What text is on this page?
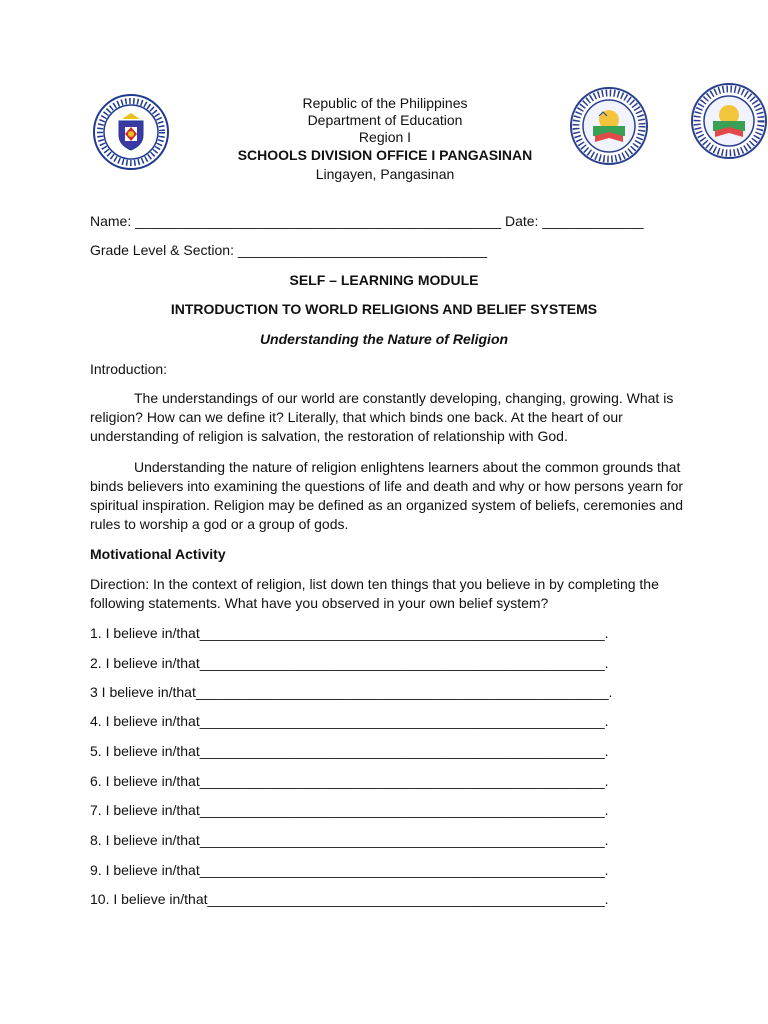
Republic of the Philippines
Department of Education
Region I
SCHOOLS DIVISION OFFICE I PANGASINAN
Lingayen, Pangasinan
Name: _______________________________________________ Date: _____________
Grade Level & Section: ________________________________
SELF – LEARNING MODULE
INTRODUCTION TO WORLD RELIGIONS AND BELIEF SYSTEMS
Understanding the Nature of Religion
Introduction:

The understandings of our world are constantly developing, changing, growing. What is religion? How can we define it? Literally, that which binds one back. At the heart of our understanding of religion is salvation, the restoration of relationship with God.

Understanding the nature of religion enlightens learners about the common grounds that binds believers into examining the questions of life and death and why or how persons yearn for spiritual inspiration. Religion may be defined as an organized system of beliefs, ceremonies and rules to worship a god or a group of gods.

Motivational Activity

Direction: In the context of religion, list down ten things that you believe in by completing the following statements. What have you observed in your own belief system?

1. I believe in/that____________________________________________________.
2. I believe in/that____________________________________________________.
3 I believe in/that_____________________________________________________.
4. I believe in/that____________________________________________________.
5. I believe in/that____________________________________________________.
6. I believe in/that____________________________________________________.
7. I believe in/that____________________________________________________.
8. I believe in/that____________________________________________________.
9. I believe in/that____________________________________________________.
10. I believe in/that___________________________________________________.
